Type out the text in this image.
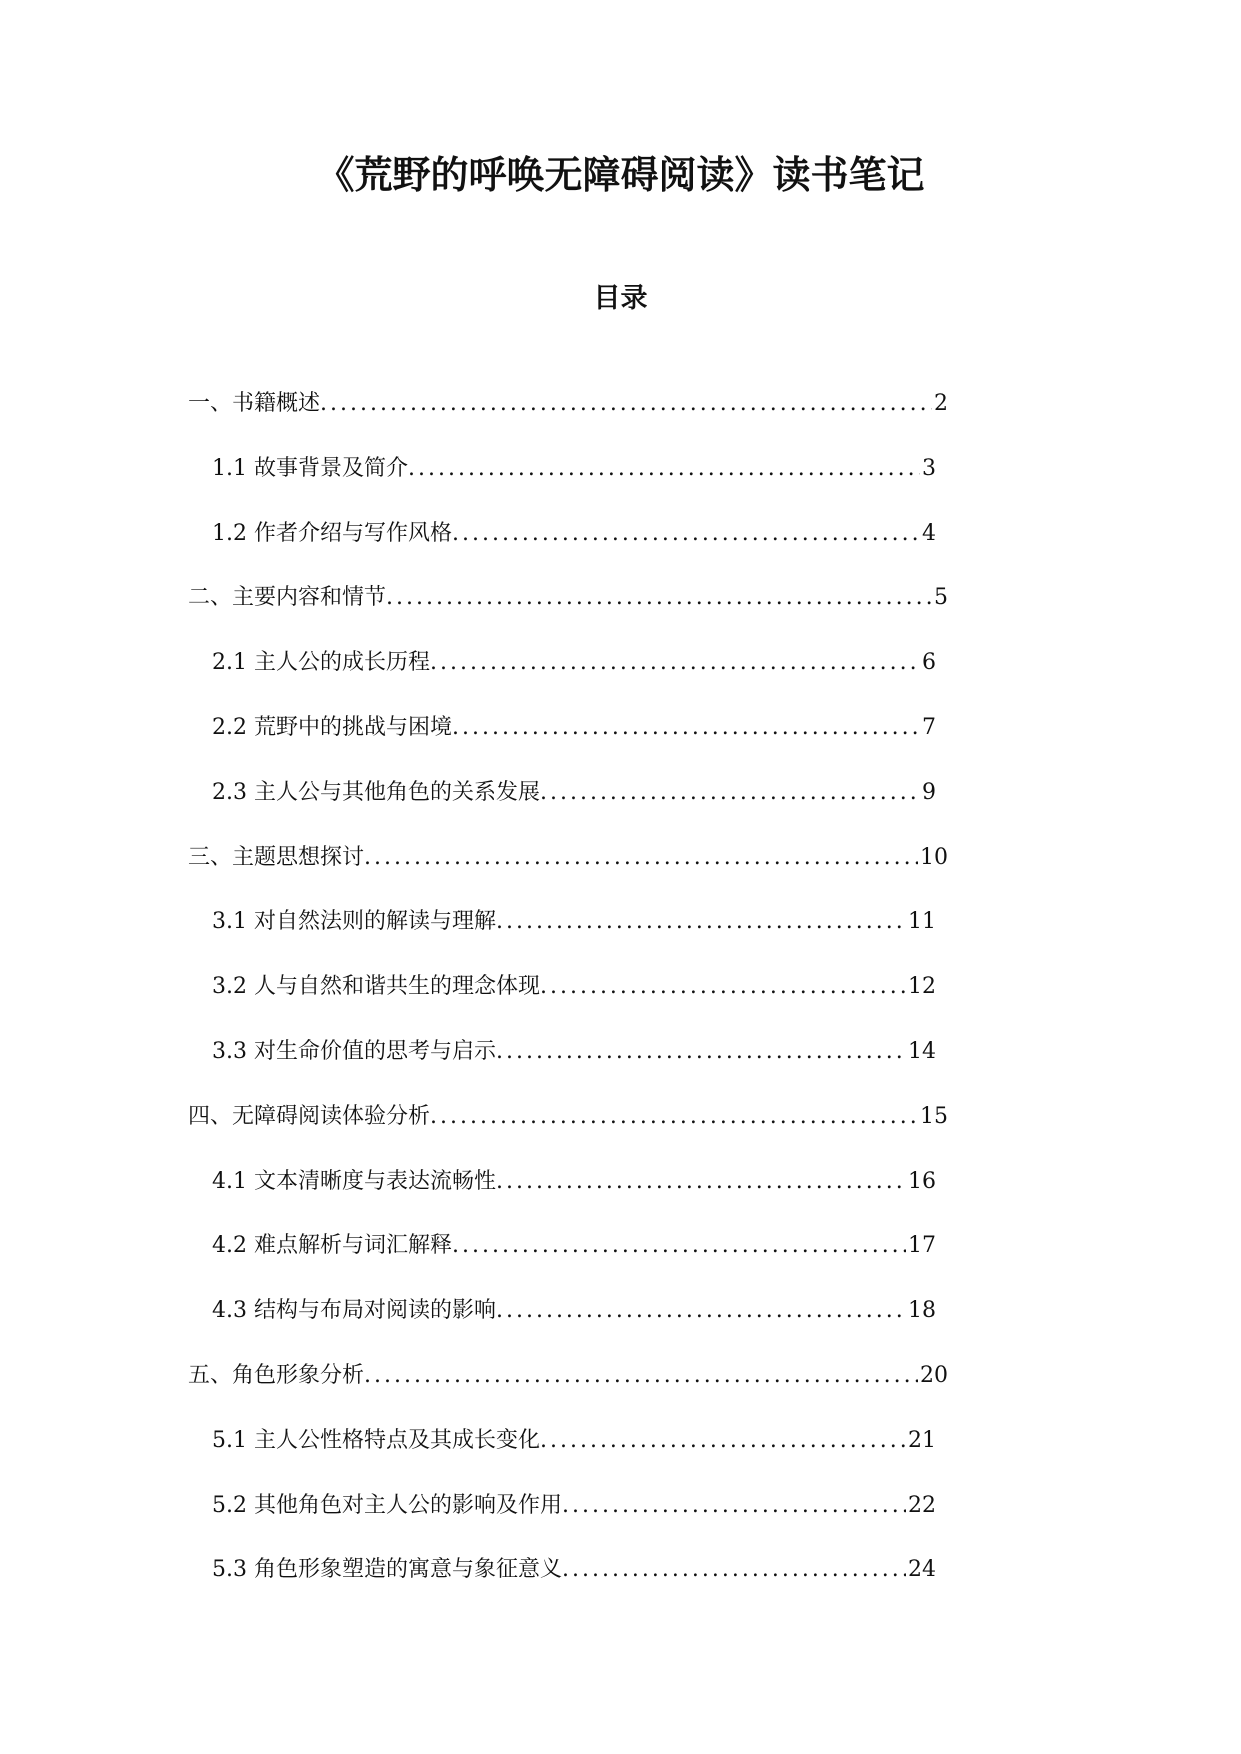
《荒野的呼唤无障碍阅读》读书笔记
目录
一、书籍概述 .....	2
1.1 故事背景及简介 .....	3
1.2 作者介绍与写作风格 .....	4
二、主要内容和情节 .....	5
2.1 主人公的成长历程 .....	6
2.2 荒野中的挑战与困境 .....	7
2.3 主人公与其他角色的关系发展 .....	9
三、主题思想探讨 .....	10
3.1 对自然法则的解读与理解 .....	11
3.2 人与自然和谐共生的理念体现 .....	12
3.3 对生命价值的思考与启示 .....	14
四、无障碍阅读体验分析 .....	15
4.1 文本清晰度与表达流畅性 .....	16
4.2 难点解析与词汇解释 .....	17
4.3 结构与布局对阅读的影响 .....	18
五、角色形象分析 .....	20
5.1 主人公性格特点及其成长变化 .....	21
5.2 其他角色对主人公的影响及作用 .....	22
5.3 角色形象塑造的寓意与象征意义 .....	24
